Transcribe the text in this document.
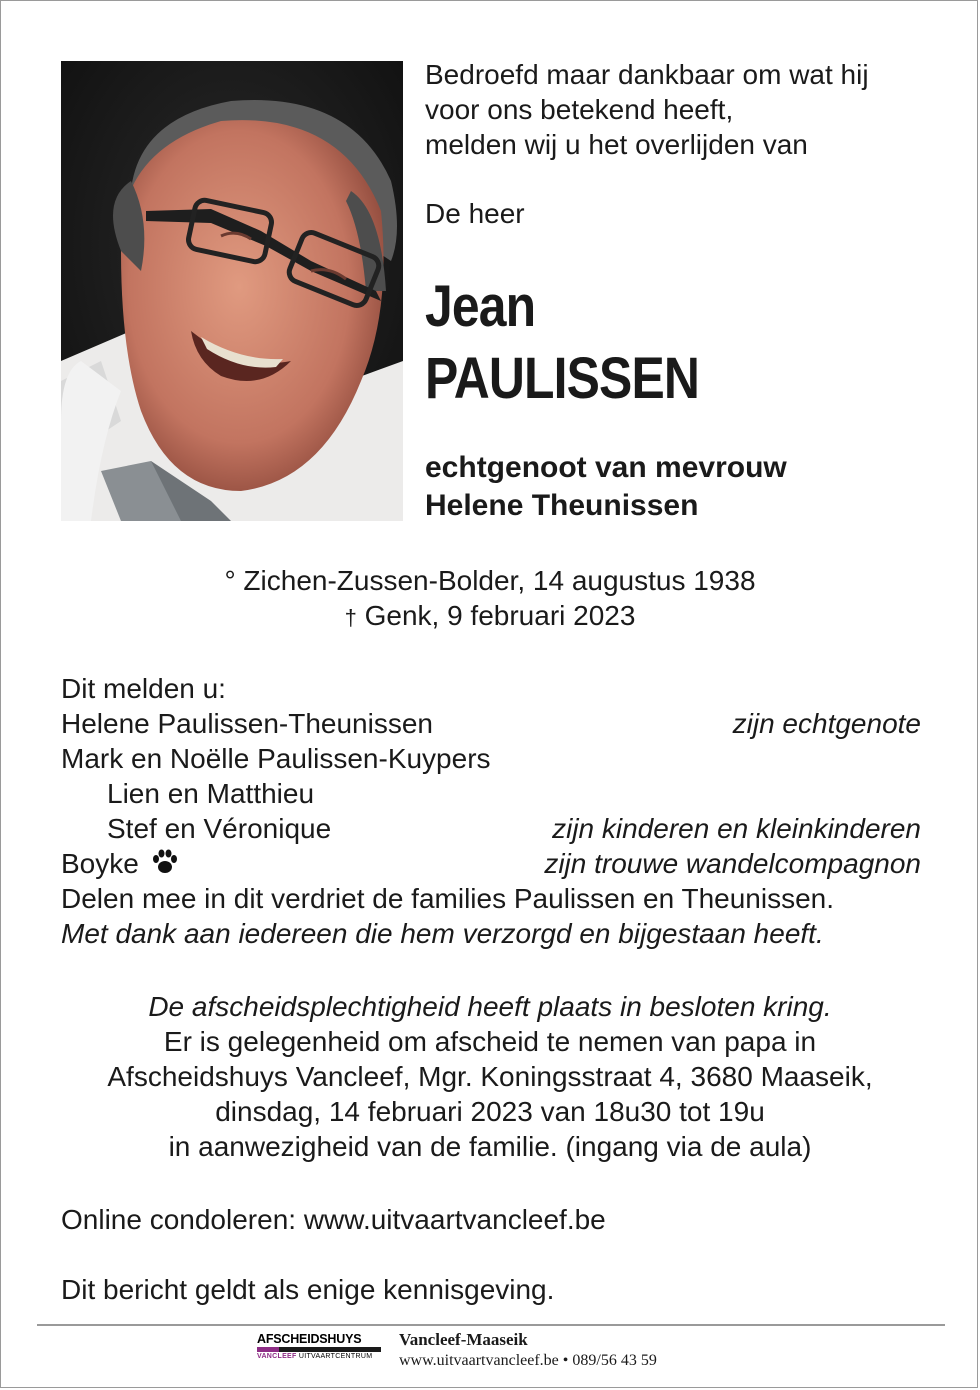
Bedroefd maar dankbaar om wat hij
voor ons betekend heeft,
melden wij u het overlijden van
De heer
Jean
PAULISSEN
echtgenoot van mevrouw
Helene Theunissen
° Zichen-Zussen-Bolder, 14 augustus 1938
† Genk, 9 februari 2023
Dit melden u:
Helene Paulissen-Theunissen	zijn echtgenote
Mark en Noëlle Paulissen-Kuypers
Lien en Matthieu
Stef en Véronique	zijn kinderen en kleinkinderen
Boyke	zijn trouwe wandelcompagnon
Delen mee in dit verdriet de families Paulissen en Theunissen.
Met dank aan iedereen die hem verzorgd en bijgestaan heeft.
De afscheidsplechtigheid heeft plaats in besloten kring.
Er is gelegenheid om afscheid te nemen van papa in
Afscheidshuys Vancleef, Mgr. Koningsstraat 4, 3680 Maaseik,
dinsdag, 14 februari 2023 van 18u30 tot 19u
in aanwezigheid van de familie. (ingang via de aula)
Online condoleren: www.uitvaartvancleef.be
Dit bericht geldt als enige kennisgeving.
AFSCHEIDSHUYS
VANCLEEF UITVAARTCENTRUM
Vancleef-Maaseik
www.uitvaartvancleef.be • 089/56 43 59
